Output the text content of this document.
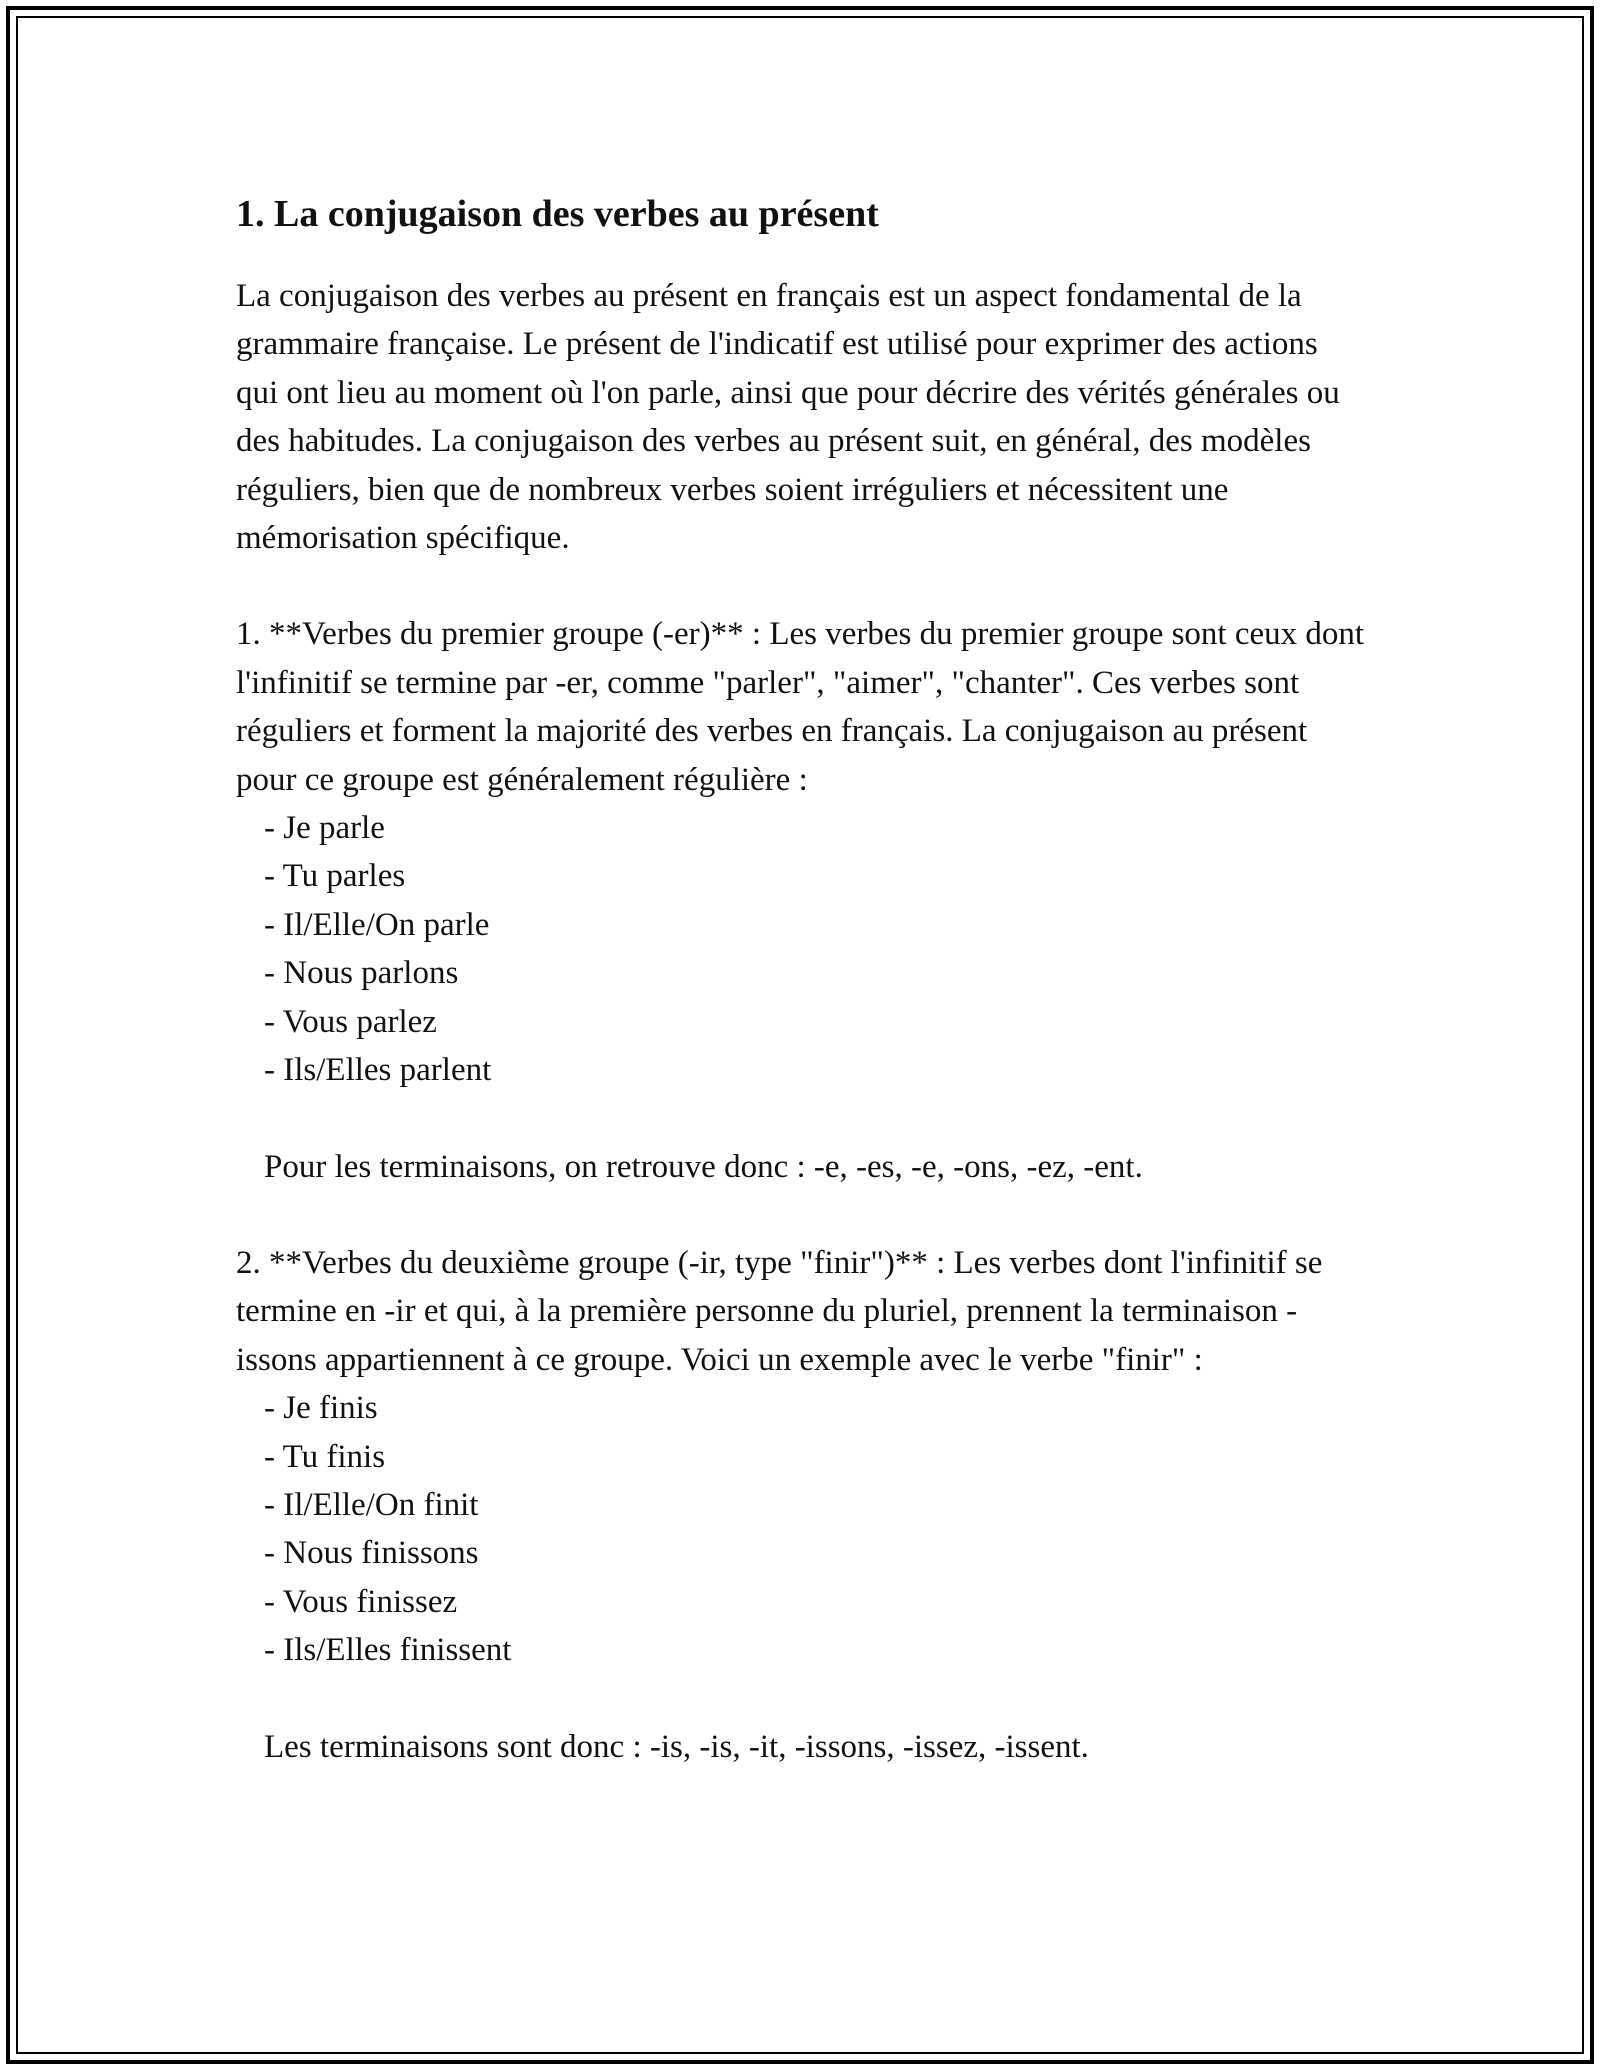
1. La conjugaison des verbes au présent

La conjugaison des verbes au présent en français est un aspect fondamental de la grammaire française. Le présent de l'indicatif est utilisé pour exprimer des actions qui ont lieu au moment où l'on parle, ainsi que pour décrire des vérités générales ou des habitudes. La conjugaison des verbes au présent suit, en général, des modèles réguliers, bien que de nombreux verbes soient irréguliers et nécessitent une mémorisation spécifique.

1. **Verbes du premier groupe (-er)** : Les verbes du premier groupe sont ceux dont l'infinitif se termine par -er, comme "parler", "aimer", "chanter". Ces verbes sont réguliers et forment la majorité des verbes en français. La conjugaison au présent pour ce groupe est généralement régulière :

- Je parle
- Tu parles
- Il/Elle/On parle
- Nous parlons
- Vous parlez
- Ils/Elles parlent
Pour les terminaisons, on retrouve donc : -e, -es, -e, -ons, -ez, -ent.

2. **Verbes du deuxième groupe (-ir, type "finir")** : Les verbes dont l'infinitif se termine en -ir et qui, à la première personne du pluriel, prennent la terminaison -issons appartiennent à ce groupe. Voici un exemple avec le verbe "finir" :

- Je finis
- Tu finis
- Il/Elle/On finit
- Nous finissons
- Vous finissez
- Ils/Elles finissent
Les terminaisons sont donc : -is, -is, -it, -issons, -issez, -issent.
